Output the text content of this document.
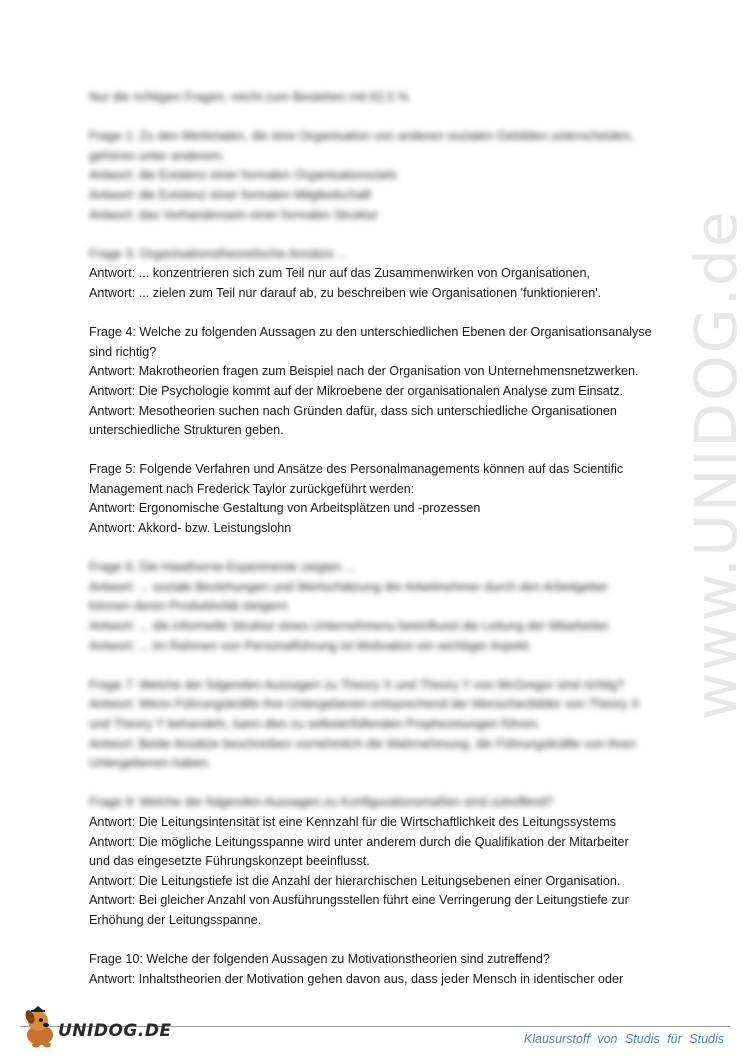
www.UNIDOG.de
Nur die richtigen Fragen, reicht zum Bestehen mit 62,5 %
Frage 1: Zu den Merkmalen, die eine Organisation von anderen sozialen Gebilden unterscheiden,
gehören unter anderem:
Antwort: die Existenz einer formalen Organisationsziels
Antwort: die Existenz einer formalen Mitgliedschaft
Antwort: das Vorhandensein einer formalen Struktur
Frage 3: Organisationstheoretische Ansätze ...
Antwort: ... konzentrieren sich zum Teil nur auf das Zusammenwirken von Organisationen,
Antwort: ... zielen zum Teil nur darauf ab, zu beschreiben wie Organisationen 'funktionieren'.
Frage 4: Welche zu folgenden Aussagen zu den unterschiedlichen Ebenen der Organisationsanalyse
sind richtig?
Antwort: Makrotheorien fragen zum Beispiel nach der Organisation von Unternehmensnetzwerken.
Antwort: Die Psychologie kommt auf der Mikroebene der organisationalen Analyse zum Einsatz.
Antwort: Mesotheorien suchen nach Gründen dafür, dass sich unterschiedliche Organisationen
unterschiedliche Strukturen geben.
Frage 5: Folgende Verfahren und Ansätze des Personalmanagements können auf das Scientific
Management nach Frederick Taylor zurückgeführt werden:
Antwort: Ergonomische Gestaltung von Arbeitsplätzen und -prozessen
Antwort: Akkord- bzw. Leistungslohn
Frage 6: Die Hawthorne-Experimente zeigten ...
Antwort: ... soziale Beziehungen und Wertschätzung der Arbeitnehmer durch den Arbeitgeber
können deren Produktivität steigern.
Antwort: ... die informelle Struktur eines Unternehmens beeinflusst die Leitung der Mitarbeiter.
Antwort: ... im Rahmen von Personalführung ist Motivation ein wichtiger Aspekt.
Frage 7: Welche der folgenden Aussagen zu Theory X und Theory Y von McGregor sind richtig?
Antwort: Wenn Führungskräfte ihre Untergebenen entsprechend der Menschenbilder von Theory X
und Theory Y behandeln, kann dies zu selbsterfüllenden Prophezeiungen führen.
Antwort: Beide Ansätze beschreiben vornehmlich die Wahrnehmung, die Führungskräfte von ihren
Untergebenen haben.
Frage 9: Welche der folgenden Aussagen zu Konfigurationsmaßen sind zutreffend?
Antwort: Die Leitungsintensität ist eine Kennzahl für die Wirtschaftlichkeit des Leitungssystems
Antwort: Die mögliche Leitungsspanne wird unter anderem durch die Qualifikation der Mitarbeiter
und das eingesetzte Führungskonzept beeinflusst.
Antwort: Die Leitungstiefe ist die Anzahl der hierarchischen Leitungsebenen einer Organisation.
Antwort: Bei gleicher Anzahl von Ausführungsstellen führt eine Verringerung der Leitungstiefe zur
Erhöhung der Leitungsspanne.
Frage 10: Welche der folgenden Aussagen zu Motivationstheorien sind zutreffend?
Antwort: Inhaltstheorien der Motivation gehen davon aus, dass jeder Mensch in identischer oder
UNIDOG.DE	Klausurstoff von Studis für Studis
